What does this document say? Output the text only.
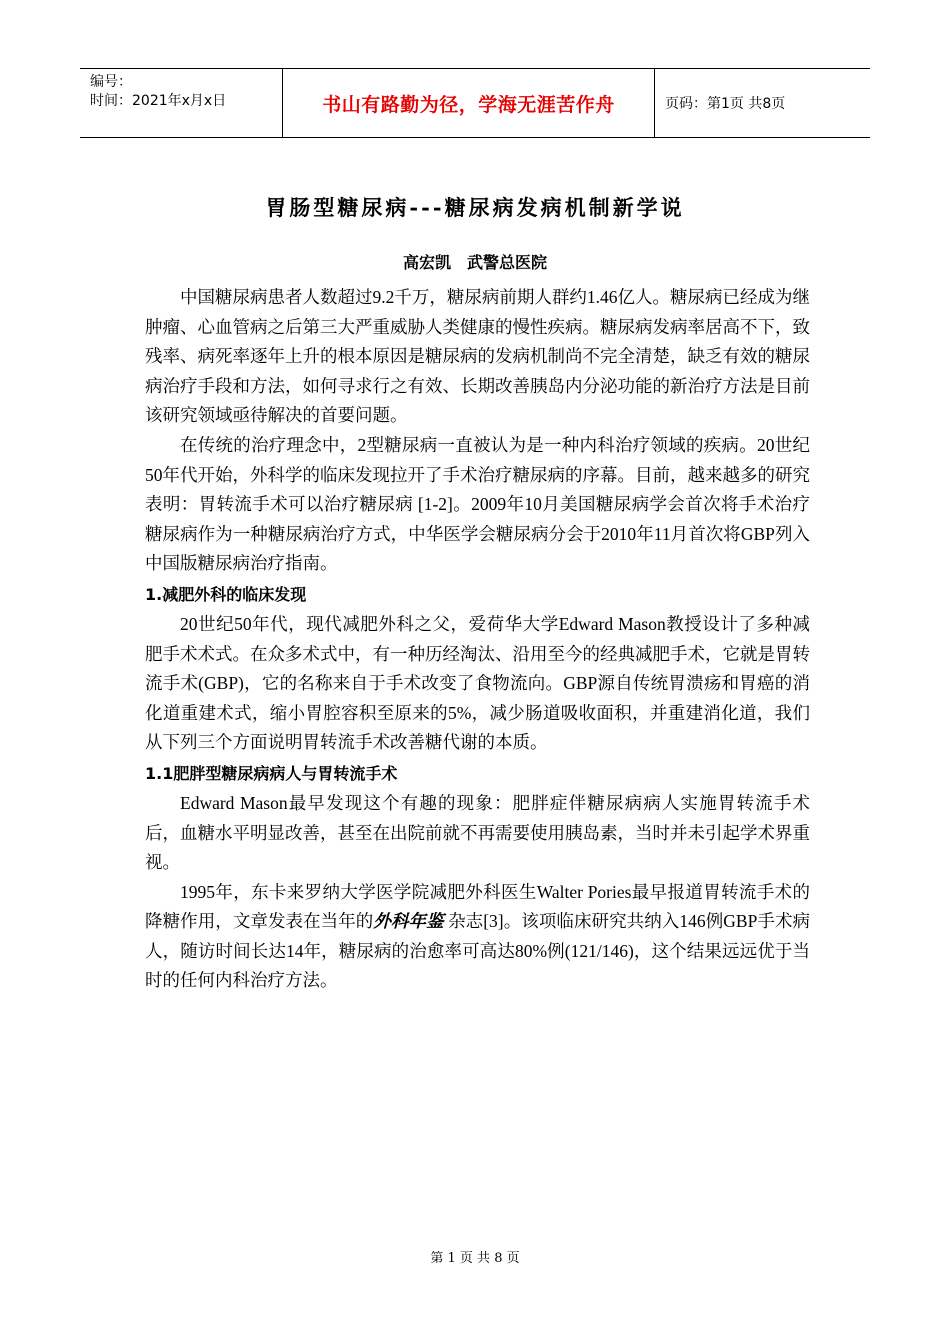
编号：
时间：2021年x月x日	书山有路勤为径，学海无涯苦作舟	页码：第1页 共8页
胃肠型糖尿病---糖尿病发病机制新学说
高宏凯　武警总医院

中国糖尿病患者人数超过9.2千万，糖尿病前期人群约1.46亿人。糖尿病已经成为继肿瘤、心血管病之后第三大严重威胁人类健康的慢性疾病。糖尿病发病率居高不下，致残率、病死率逐年上升的根本原因是糖尿病的发病机制尚不完全清楚，缺乏有效的糖尿病治疗手段和方法，如何寻求行之有效、长期改善胰岛内分泌功能的新治疗方法是目前该研究领域亟待解决的首要问题。

在传统的治疗理念中，2型糖尿病一直被认为是一种内科治疗领域的疾病。20世纪50年代开始，外科学的临床发现拉开了手术治疗糖尿病的序幕。目前，越来越多的研究表明：胃转流手术可以治疗糖尿病 [1-2]。2009年10月美国糖尿病学会首次将手术治疗糖尿病作为一种糖尿病治疗方式，中华医学会糖尿病分会于2010年11月首次将GBP列入中国版糖尿病治疗指南。

1.减肥外科的临床发现

20世纪50年代，现代减肥外科之父，爱荷华大学Edward Mason教授设计了多种减肥手术术式。在众多术式中，有一种历经淘汰、沿用至今的经典减肥手术，它就是胃转流手术(GBP)，它的名称来自于手术改变了食物流向。GBP源自传统胃溃疡和胃癌的消化道重建术式，缩小胃腔容积至原来的5%，减少肠道吸收面积，并重建消化道，我们从下列三个方面说明胃转流手术改善糖代谢的本质。

1.1肥胖型糖尿病病人与胃转流手术

Edward Mason最早发现这个有趣的现象：肥胖症伴糖尿病病人实施胃转流手术后，血糖水平明显改善，甚至在出院前就不再需要使用胰岛素，当时并未引起学术界重视。

1995年，东卡来罗纳大学医学院减肥外科医生Walter Pories最早报道胃转流手术的降糖作用，文章发表在当年的外科年鉴 杂志[3]。该项临床研究共纳入146例GBP手术病人，随访时间长达14年，糖尿病的治愈率可高达80%例(121/146)，这个结果远远优于当时的任何内科治疗方法。

第 1 页 共 8 页
